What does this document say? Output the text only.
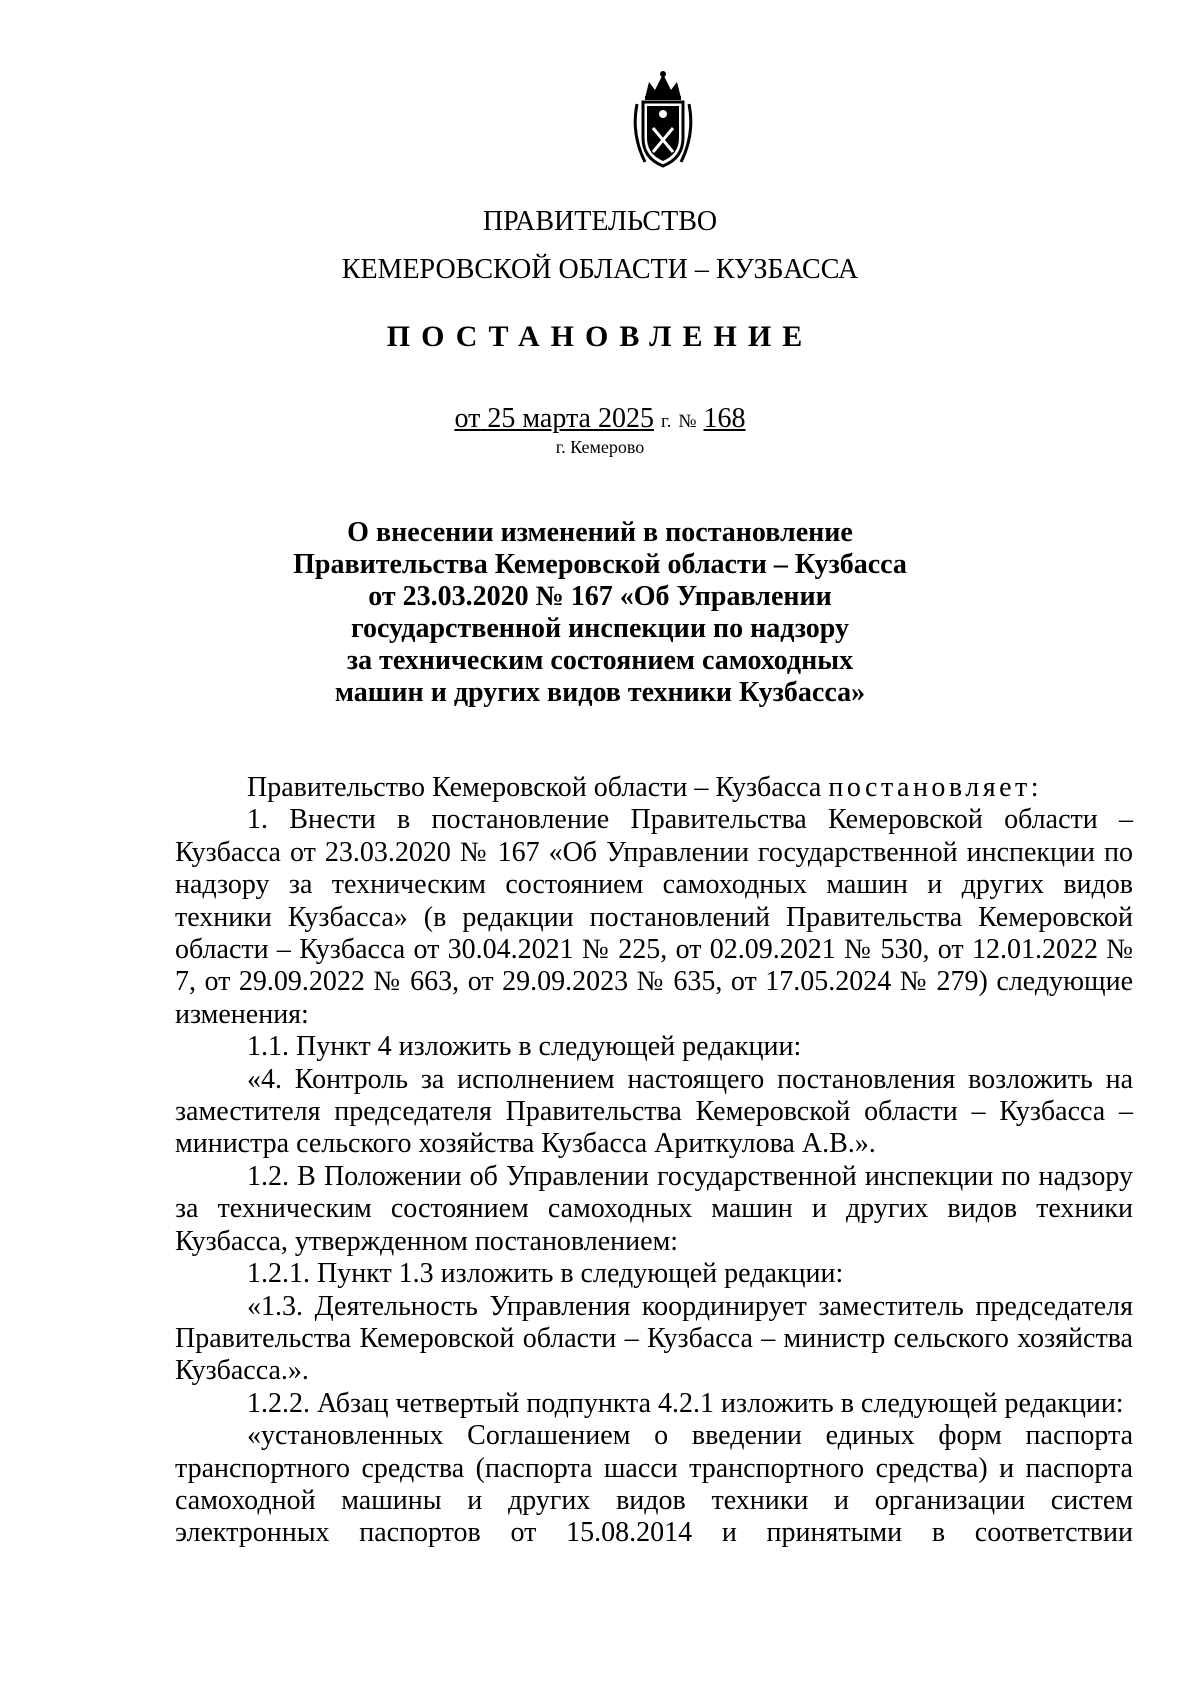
ПРАВИТЕЛЬСТВО
КЕМЕРОВСКОЙ ОБЛАСТИ – КУЗБАССА
ПОСТАНОВЛЕНИЕ
от 25 марта 2025 г. № 168
г. Кемерово
О внесении изменений в постановление
Правительства Кемеровской области – Кузбасса
от 23.03.2020 № 167 «Об Управлении
государственной инспекции по надзору
за техническим состоянием самоходных
машин и других видов техники Кузбасса»

Правительство Кемеровской области – Кузбасса постановляет:

1. Внести в постановление Правительства Кемеровской области – Кузбасса от 23.03.2020 № 167 «Об Управлении государственной инспекции по надзору за техническим состоянием самоходных машин и других видов техники Кузбасса» (в редакции постановлений Правительства Кемеровской области – Кузбасса от 30.04.2021 № 225, от 02.09.2021 № 530, от 12.01.2022 № 7, от 29.09.2022 № 663, от 29.09.2023 № 635, от 17.05.2024 № 279) следующие изменения:

1.1. Пункт 4 изложить в следующей редакции:

«4. Контроль за исполнением настоящего постановления возложить на заместителя председателя Правительства Кемеровской области – Кузбасса – министра сельского хозяйства Кузбасса Ариткулова А.В.».

1.2. В Положении об Управлении государственной инспекции по надзору за техническим состоянием самоходных машин и других видов техники Кузбасса, утвержденном постановлением:

1.2.1. Пункт 1.3 изложить в следующей редакции:

«1.3. Деятельность Управления координирует заместитель председателя Правительства Кемеровской области – Кузбасса – министр сельского хозяйства Кузбасса.».

1.2.2. Абзац четвертый подпункта 4.2.1 изложить в следующей редакции:

«установленных Соглашением о введении единых форм паспорта транспортного средства (паспорта шасси транспортного средства) и паспорта самоходной машины и других видов техники и организации систем электронных паспортов от 15.08.2014 и принятыми в соответствии
